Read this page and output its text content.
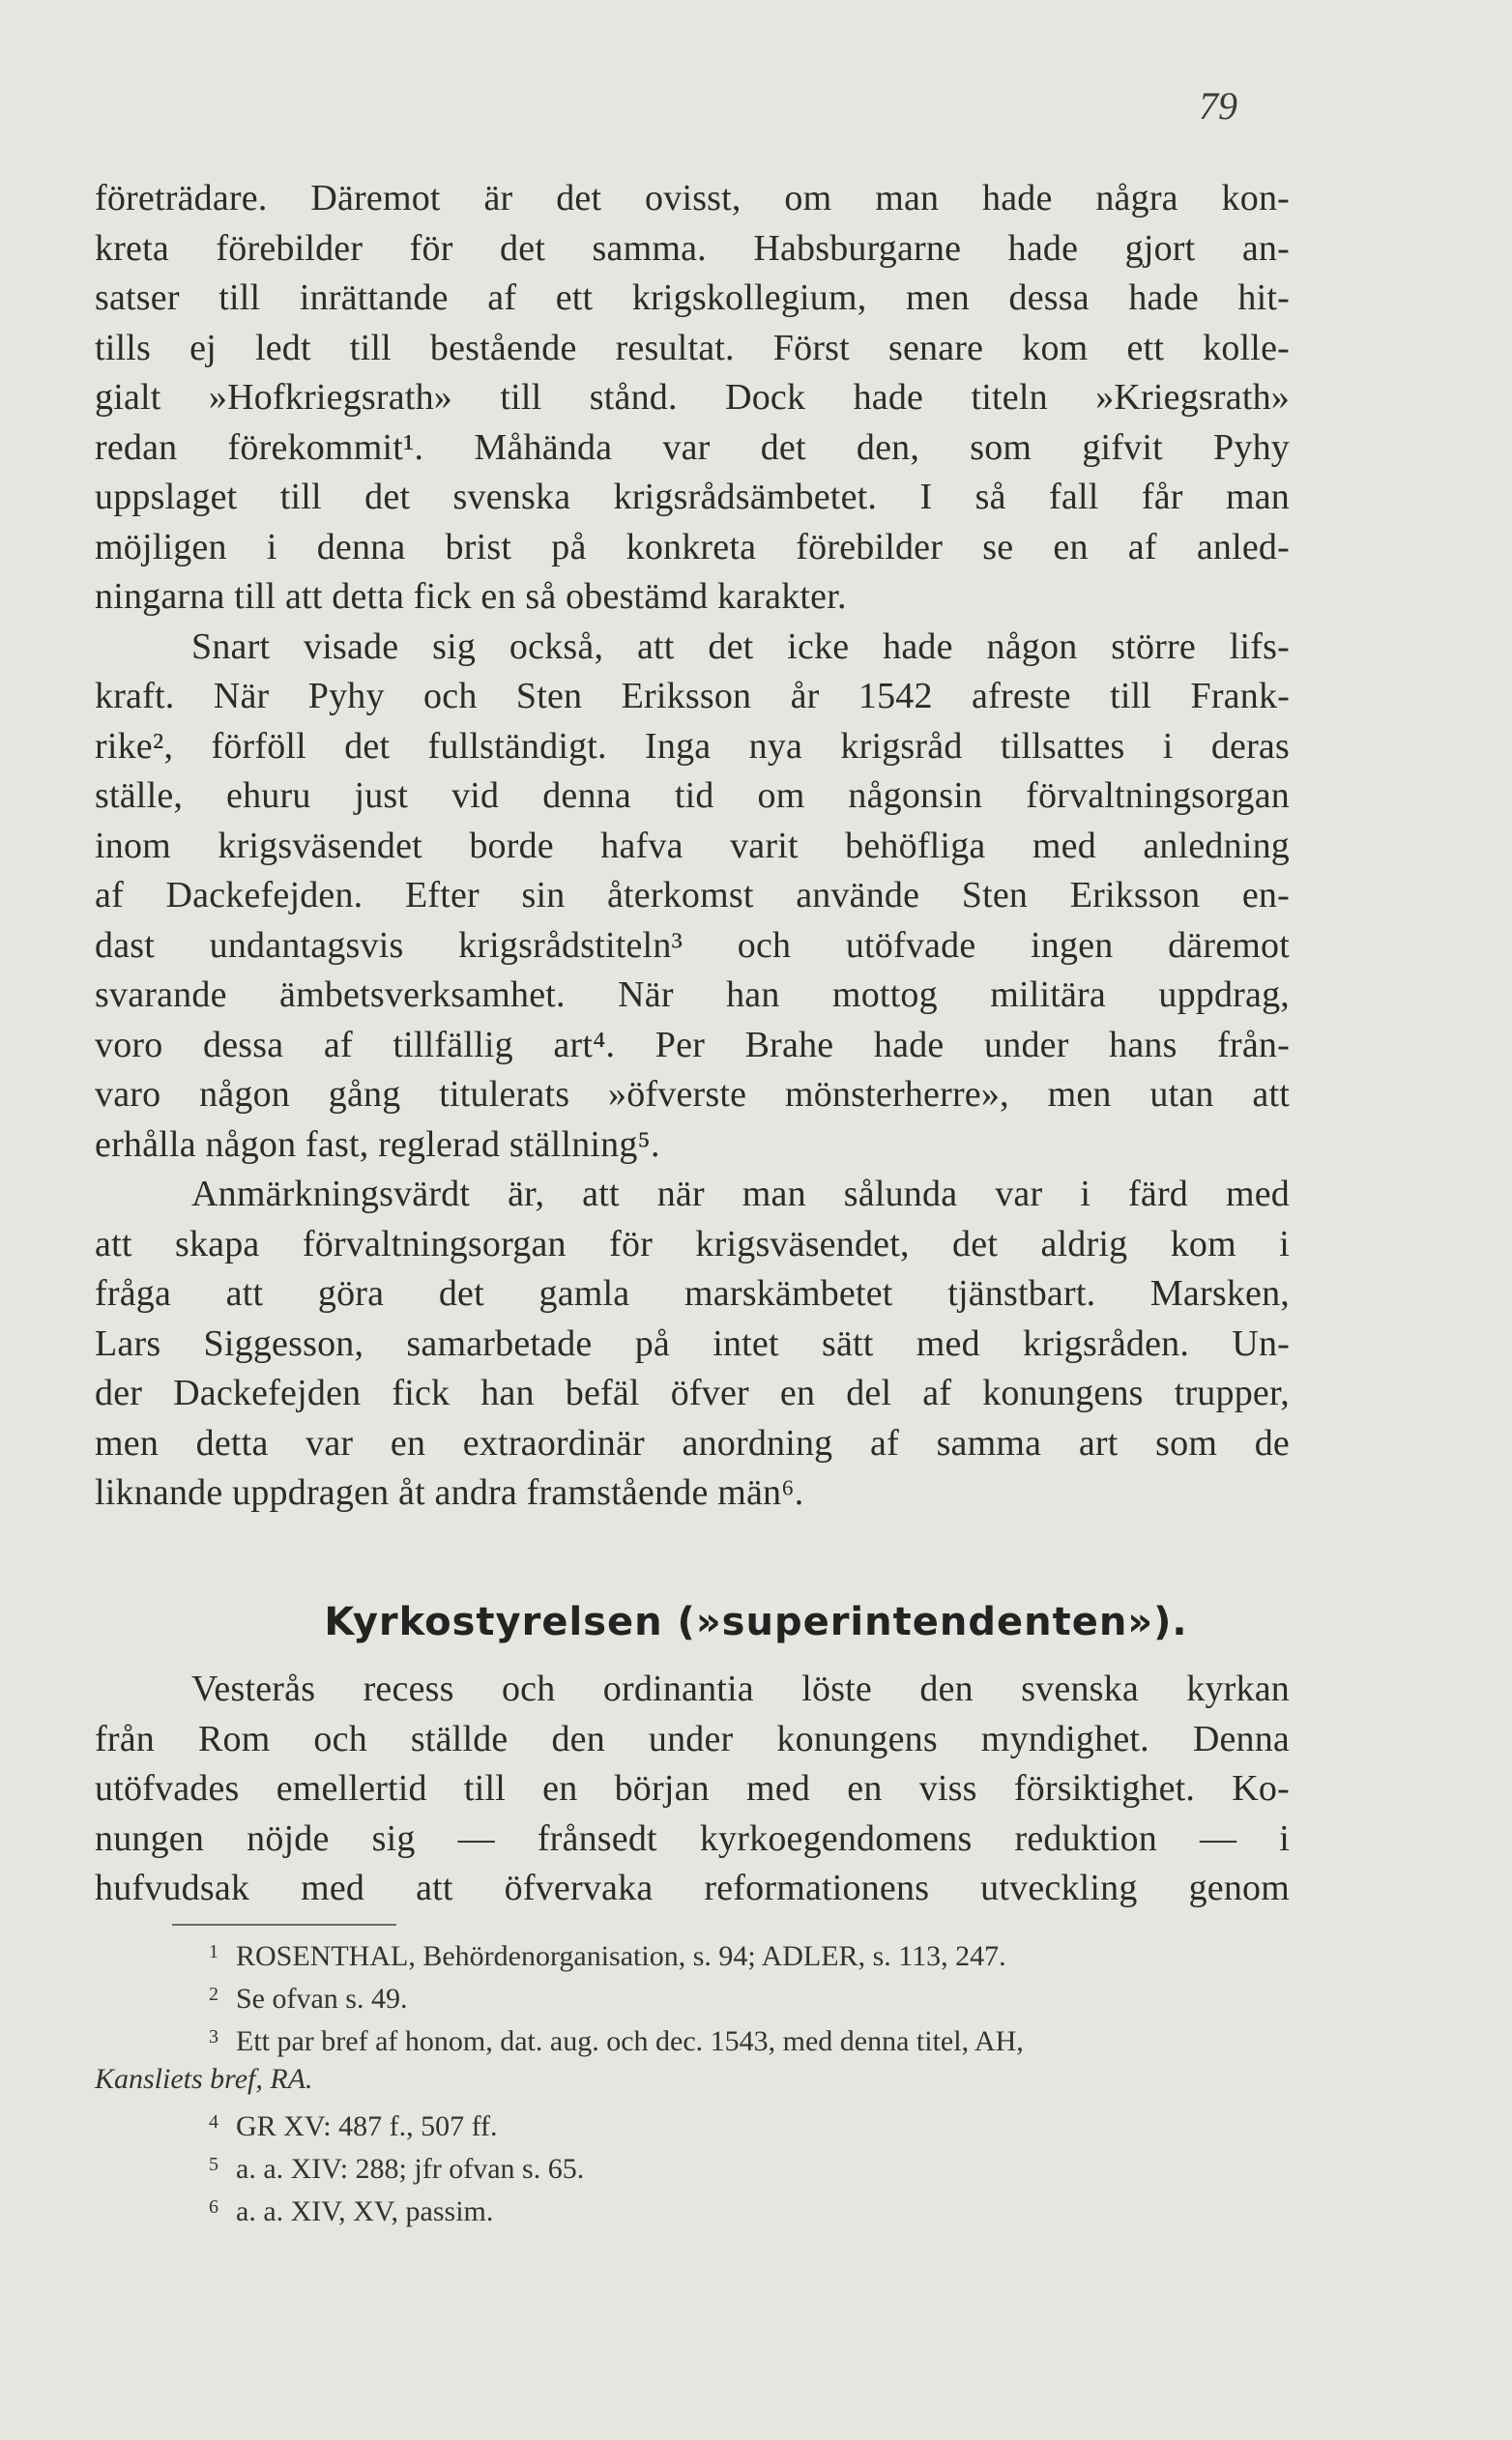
79
företrädare. Däremot är det ovisst, om man hade några kon-
kreta förebilder för det samma. Habsburgarne hade gjort an-
satser till inrättande af ett krigskollegium, men dessa hade hit-
tills ej ledt till bestående resultat. Först senare kom ett kolle-
gialt »Hofkriegsrath» till stånd. Dock hade titeln »Kriegsrath»
redan förekommit¹. Måhända var det den, som gifvit Pyhy
uppslaget till det svenska krigsrådsämbetet. I så fall får man
möjligen i denna brist på konkreta förebilder se en af anled-
ningarna till att detta fick en så obestämd karakter.
Snart visade sig också, att det icke hade någon större lifs-
kraft. När Pyhy och Sten Eriksson år 1542 afreste till Frank-
rike², förföll det fullständigt. Inga nya krigsråd tillsattes i deras
ställe, ehuru just vid denna tid om någonsin förvaltningsorgan
inom krigsväsendet borde hafva varit behöfliga med anledning
af Dackefejden. Efter sin återkomst använde Sten Eriksson en-
dast undantagsvis krigsrådstiteln³ och utöfvade ingen däremot
svarande ämbetsverksamhet. När han mottog militära uppdrag,
voro dessa af tillfällig art⁴. Per Brahe hade under hans från-
varo någon gång titulerats »öfverste mönsterherre», men utan att
erhålla någon fast, reglerad ställning⁵.
Anmärkningsvärdt är, att när man sålunda var i färd med
att skapa förvaltningsorgan för krigsväsendet, det aldrig kom i
fråga att göra det gamla marskämbetet tjänstbart. Marsken,
Lars Siggesson, samarbetade på intet sätt med krigsråden. Un-
der Dackefejden fick han befäl öfver en del af konungens trupper,
men detta var en extraordinär anordning af samma art som de
liknande uppdragen åt andra framstående män⁶.
Kyrkostyrelsen (»superintendenten»).
Vesterås recess och ordinantia löste den svenska kyrkan
från Rom och ställde den under konungens myndighet. Denna
utöfvades emellertid till en början med en viss försiktighet. Ko-
nungen nöjde sig — frånsedt kyrkoegendomens reduktion — i
hufvudsak med att öfvervaka reformationens utveckling genom
1 ROSENTHAL, Behördenorganisation, s. 94; ADLER, s. 113, 247.
2 Se ofvan s. 49.
3 Ett par bref af honom, dat. aug. och dec. 1543, med denna titel, AH,
Kansliets bref, RA.
4 GR XV: 487 f., 507 ff.
5 a. a. XIV: 288; jfr ofvan s. 65.
6 a. a. XIV, XV, passim.
